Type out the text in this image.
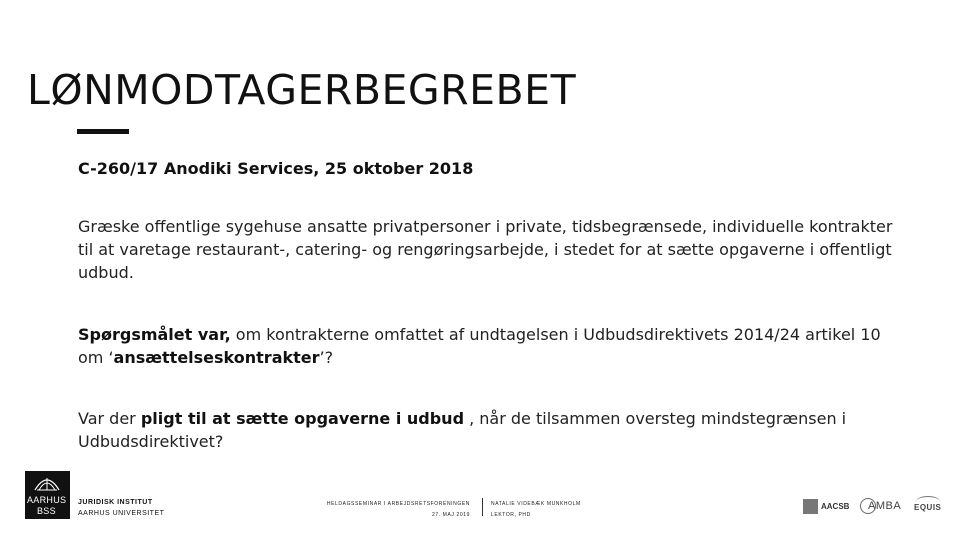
LØNMODTAGERBEGREBET
C-260/17 Anodiki Services, 25 oktober 2018
Græske offentlige sygehuse ansatte privatpersoner i private, tidsbegrænsede, individuelle kontrakter til at varetage restaurant-, catering- og rengøringsarbejde, i stedet for at sætte opgaverne i offentligt udbud.
Spørgsmålet var, om kontrakterne omfattet af undtagelsen i Udbudsdirektivets 2014/24 artikel 10 om ‘ansættelseskontrakter’?
Var der pligt til at sætte opgaverne i udbud , når de tilsammen oversteg mindstegrænsen i
Udbudsdirektivet?
AARHUS
BSS
JURIDISK INSTITUT
AARHUS UNIVERSITET
HELDAGSSEMINAR I ARBEJDSRETSFORENINGEN
27. MAJ 2019
NATALIE VIDEBÆK MUNKHOLM
LEKTOR, PHD
AACSB AMBA EQUIS
